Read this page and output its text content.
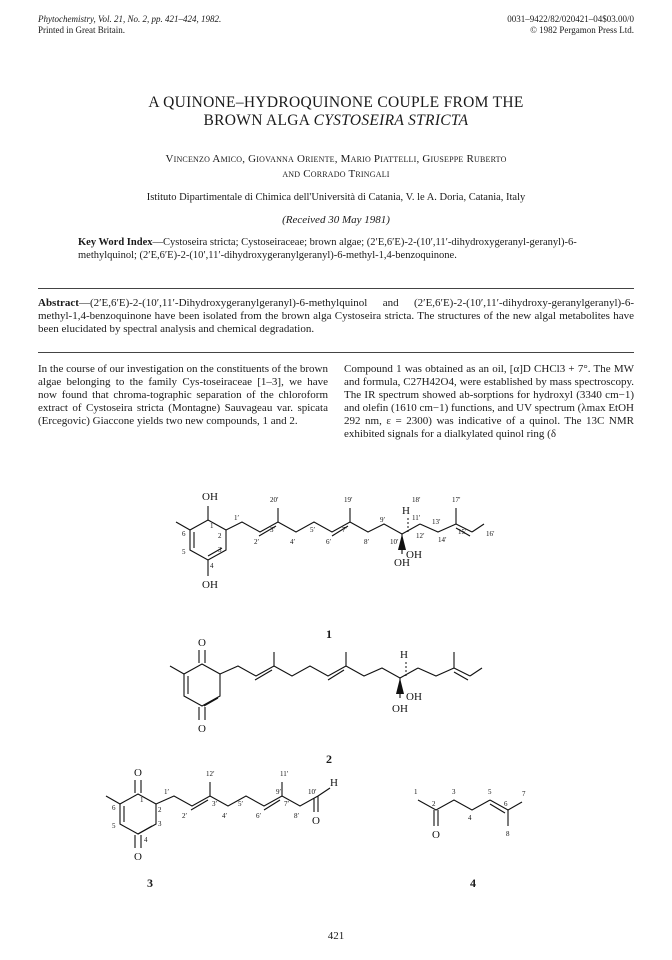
Phytochemistry, Vol. 21, No. 2, pp. 421–424, 1982.
Printed in Great Britain.
0031–9422/82/020421–04$03.00/0
© 1982 Pergamon Press Ltd.
A QUINONE–HYDROQUINONE COUPLE FROM THE
BROWN ALGA CYSTOSEIRA STRICTA
Vincenzo Amico, Giovanna Oriente, Mario Piattelli, Giuseppe Ruberto
and Corrado Tringali
Istituto Dipartimentale di Chimica dell'Università di Catania, V. le A. Doria, Catania, Italy
(Received 30 May 1981)
Key Word Index—Cystoseira stricta; Cystoseiraceae; brown algae; (2′E,6′E)-2-(10′,11′-dihydroxygeranyl-geranyl)-6-methylquinol; (2′E,6′E)-2-(10′,11′-dihydroxygeranylgeranyl)-6-methyl-1,4-benzoquinone.
Abstract—(2′E,6′E)-2-(10′,11′-Dihydroxygeranylgeranyl)-6-methylquinol and (2′E,6′E)-2-(10′,11′-dihydroxy-geranylgeranyl)-6-methyl-1,4-benzoquinone have been isolated from the brown alga Cystoseira stricta. The structures of the new algal metabolites have been elucidated by spectral analysis and chemical degradation.
In the course of our investigation on the constituents of the brown algae belonging to the family Cys-toseiraceae [1–3], we have now found that chroma-tographic separation of the chloroform extract of Cystoseira stricta (Montagne) Sauvageau var. spicata (Ercegovic) Giaccone yields two new compounds, 1 and 2.
Compound 1 was obtained as an oil, [α]D CHCl3 + 7°. The MW and formula, C27H42O4, were established by mass spectroscopy. The IR spectrum showed ab-sorptions for hydroxyl (3340 cm−1) and olefin (1610 cm−1) functions, and UV spectrum (λmax EtOH 292 nm, ε = 2300) was indicative of a quinol. The 13C NMR exhibited signals for a dialkylated quinol ring (δ
OH
OH
OH
OH
H
1
2
3
4
5
6
1′
2′
3′
4′
5′
6′
7′
8′
9′
10′
11′
12′
13′
14′
15′	16′
17′
18′
19′
20′
1
O
O
OH
OH
H
2
O
O
O
H
1
2
3
4
5
6
1′
2′
3′
4′
5′
6′
7′
8′
9′	10′
11′
12′
3
O
1
2
3
4
5
6
7
8
4
421
